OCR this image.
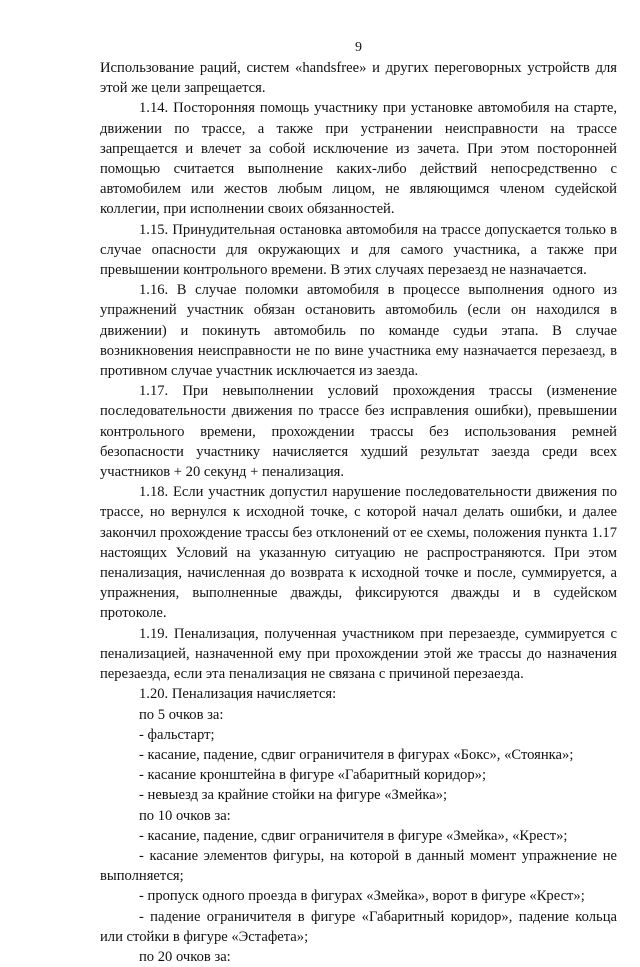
9

Использование раций, систем «handsfree» и других переговорных устройств для этой же цели запрещается.

1.14. Посторонняя помощь участнику при установке автомобиля на старте, движении по трассе, а также при устранении неисправности на трассе запрещается и влечет за собой исключение из зачета. При этом посторонней помощью считается выполнение каких-либо действий непосредственно с автомобилем или жестов любым лицом, не являющимся членом судейской коллегии, при исполнении своих обязанностей.

1.15. Принудительная остановка автомобиля на трассе допускается только в случае опасности для окружающих и для самого участника, а также при превышении контрольного времени. В этих случаях перезаезд не назначается.

1.16. В случае поломки автомобиля в процессе выполнения одного из упражнений участник обязан остановить автомобиль (если он находился в движении) и покинуть автомобиль по команде судьи этапа. В случае возникновения неисправности не по вине участника ему назначается перезаезд, в противном случае участник исключается из заезда.

1.17. При невыполнении условий прохождения трассы (изменение последовательности движения по трассе без исправления ошибки), превышении контрольного времени, прохождении трассы без использования ремней безопасности участнику начисляется худший результат заезда среди всех участников + 20 секунд + пенализация.

1.18. Если участник допустил нарушение последовательности движения по трассе, но вернулся к исходной точке, с которой начал делать ошибки, и далее закончил прохождение трассы без отклонений от ее схемы, положения пункта 1.17 настоящих Условий на указанную ситуацию не распространяются. При этом пенализация, начисленная до возврата к исходной точке и после, суммируется, а упражнения, выполненные дважды, фиксируются дважды и в судейском протоколе.

1.19. Пенализация, полученная участником при перезаезде, суммируется с пенализацией, назначенной ему при прохождении этой же трассы до назначения перезаезда, если эта пенализация не связана с причиной перезаезда.

1.20. Пенализация начисляется:

по 5 очков за:

- фальстарт;

- касание, падение, сдвиг ограничителя в фигурах «Бокс», «Стоянка»;

- касание кронштейна в фигуре «Габаритный коридор»;

- невыезд за крайние стойки на фигуре «Змейка»;

по 10 очков за:

- касание, падение, сдвиг ограничителя в фигуре «Змейка», «Крест»;

- касание элементов фигуры, на которой в данный момент упражнение не выполняется;

- пропуск одного проезда в фигурах «Змейка», ворот в фигуре «Крест»;

- падение ограничителя в фигуре «Габаритный коридор», падение кольца или стойки в фигуре «Эстафета»;

по 20 очков за:
